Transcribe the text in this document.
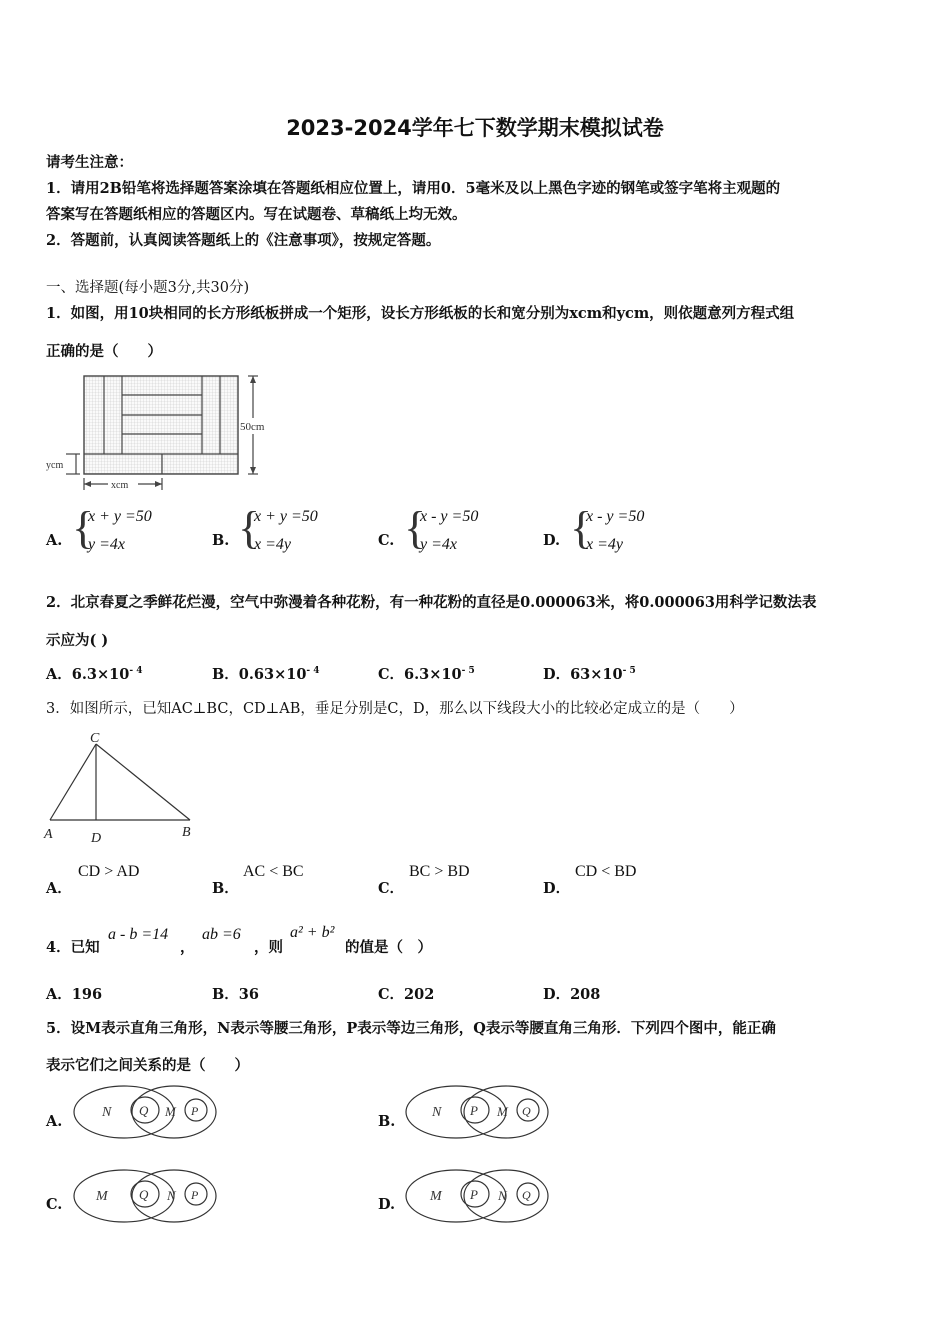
2023-2024学年七下数学期末模拟试卷
请考生注意：
1．请用2B铅笔将选择题答案涂填在答题纸相应位置上，请用0．5毫米及以上黑色字迹的钢笔或签字笔将主观题的
答案写在答题纸相应的答题区内。写在试题卷、草稿纸上均无效。
2．答题前，认真阅读答题纸上的《注意事项》，按规定答题。
一、选择题(每小题3分,共30分)
1．如图，用10块相同的长方形纸板拼成一个矩形，设长方形纸板的长和宽分别为xcm和ycm，则依题意列方程式组
正确的是（　　）
50cm
ycm
xcm
A. {
x + y =50
y =4x	B. {
x + y =50
x =4y	C. {
x - y =50
y =4x	D. {
x - y =50
x =4y
2．北京春夏之季鲜花烂漫，空气中弥漫着各种花粉，有一种花粉的直径是0.000063米，将0.000063用科学记数法表
示应为( )
A．$6.3\times 10^{- 4}$	B．$0.63\times 10^{- 4}$	C．$6.3\times 10^{- 5}$	D．$63\times 10^{- 5}$
3．如图所示，已知AC⊥BC，CD⊥AB，垂足分别是C，D，那么以下线段大小的比较必定成立的是（　　）
C
A	D	B
A．
CD > AD
B．
AC < BC
C．
BC > BD
D．
CD < BD
4．已知
a - b =14
，
ab =6
，则
a² + b²
的值是（　）
A．196	B．36	C．202	D．208
5．设M表示直角三角形，N表示等腰三角形，P表示等边三角形，Q表示等腰直角三角形．下列四个图中，能正确
表示它们之间关系的是（　　）
A.
N Q M P
B.
N P M Q
C. M Q N P
D. M P N Q
